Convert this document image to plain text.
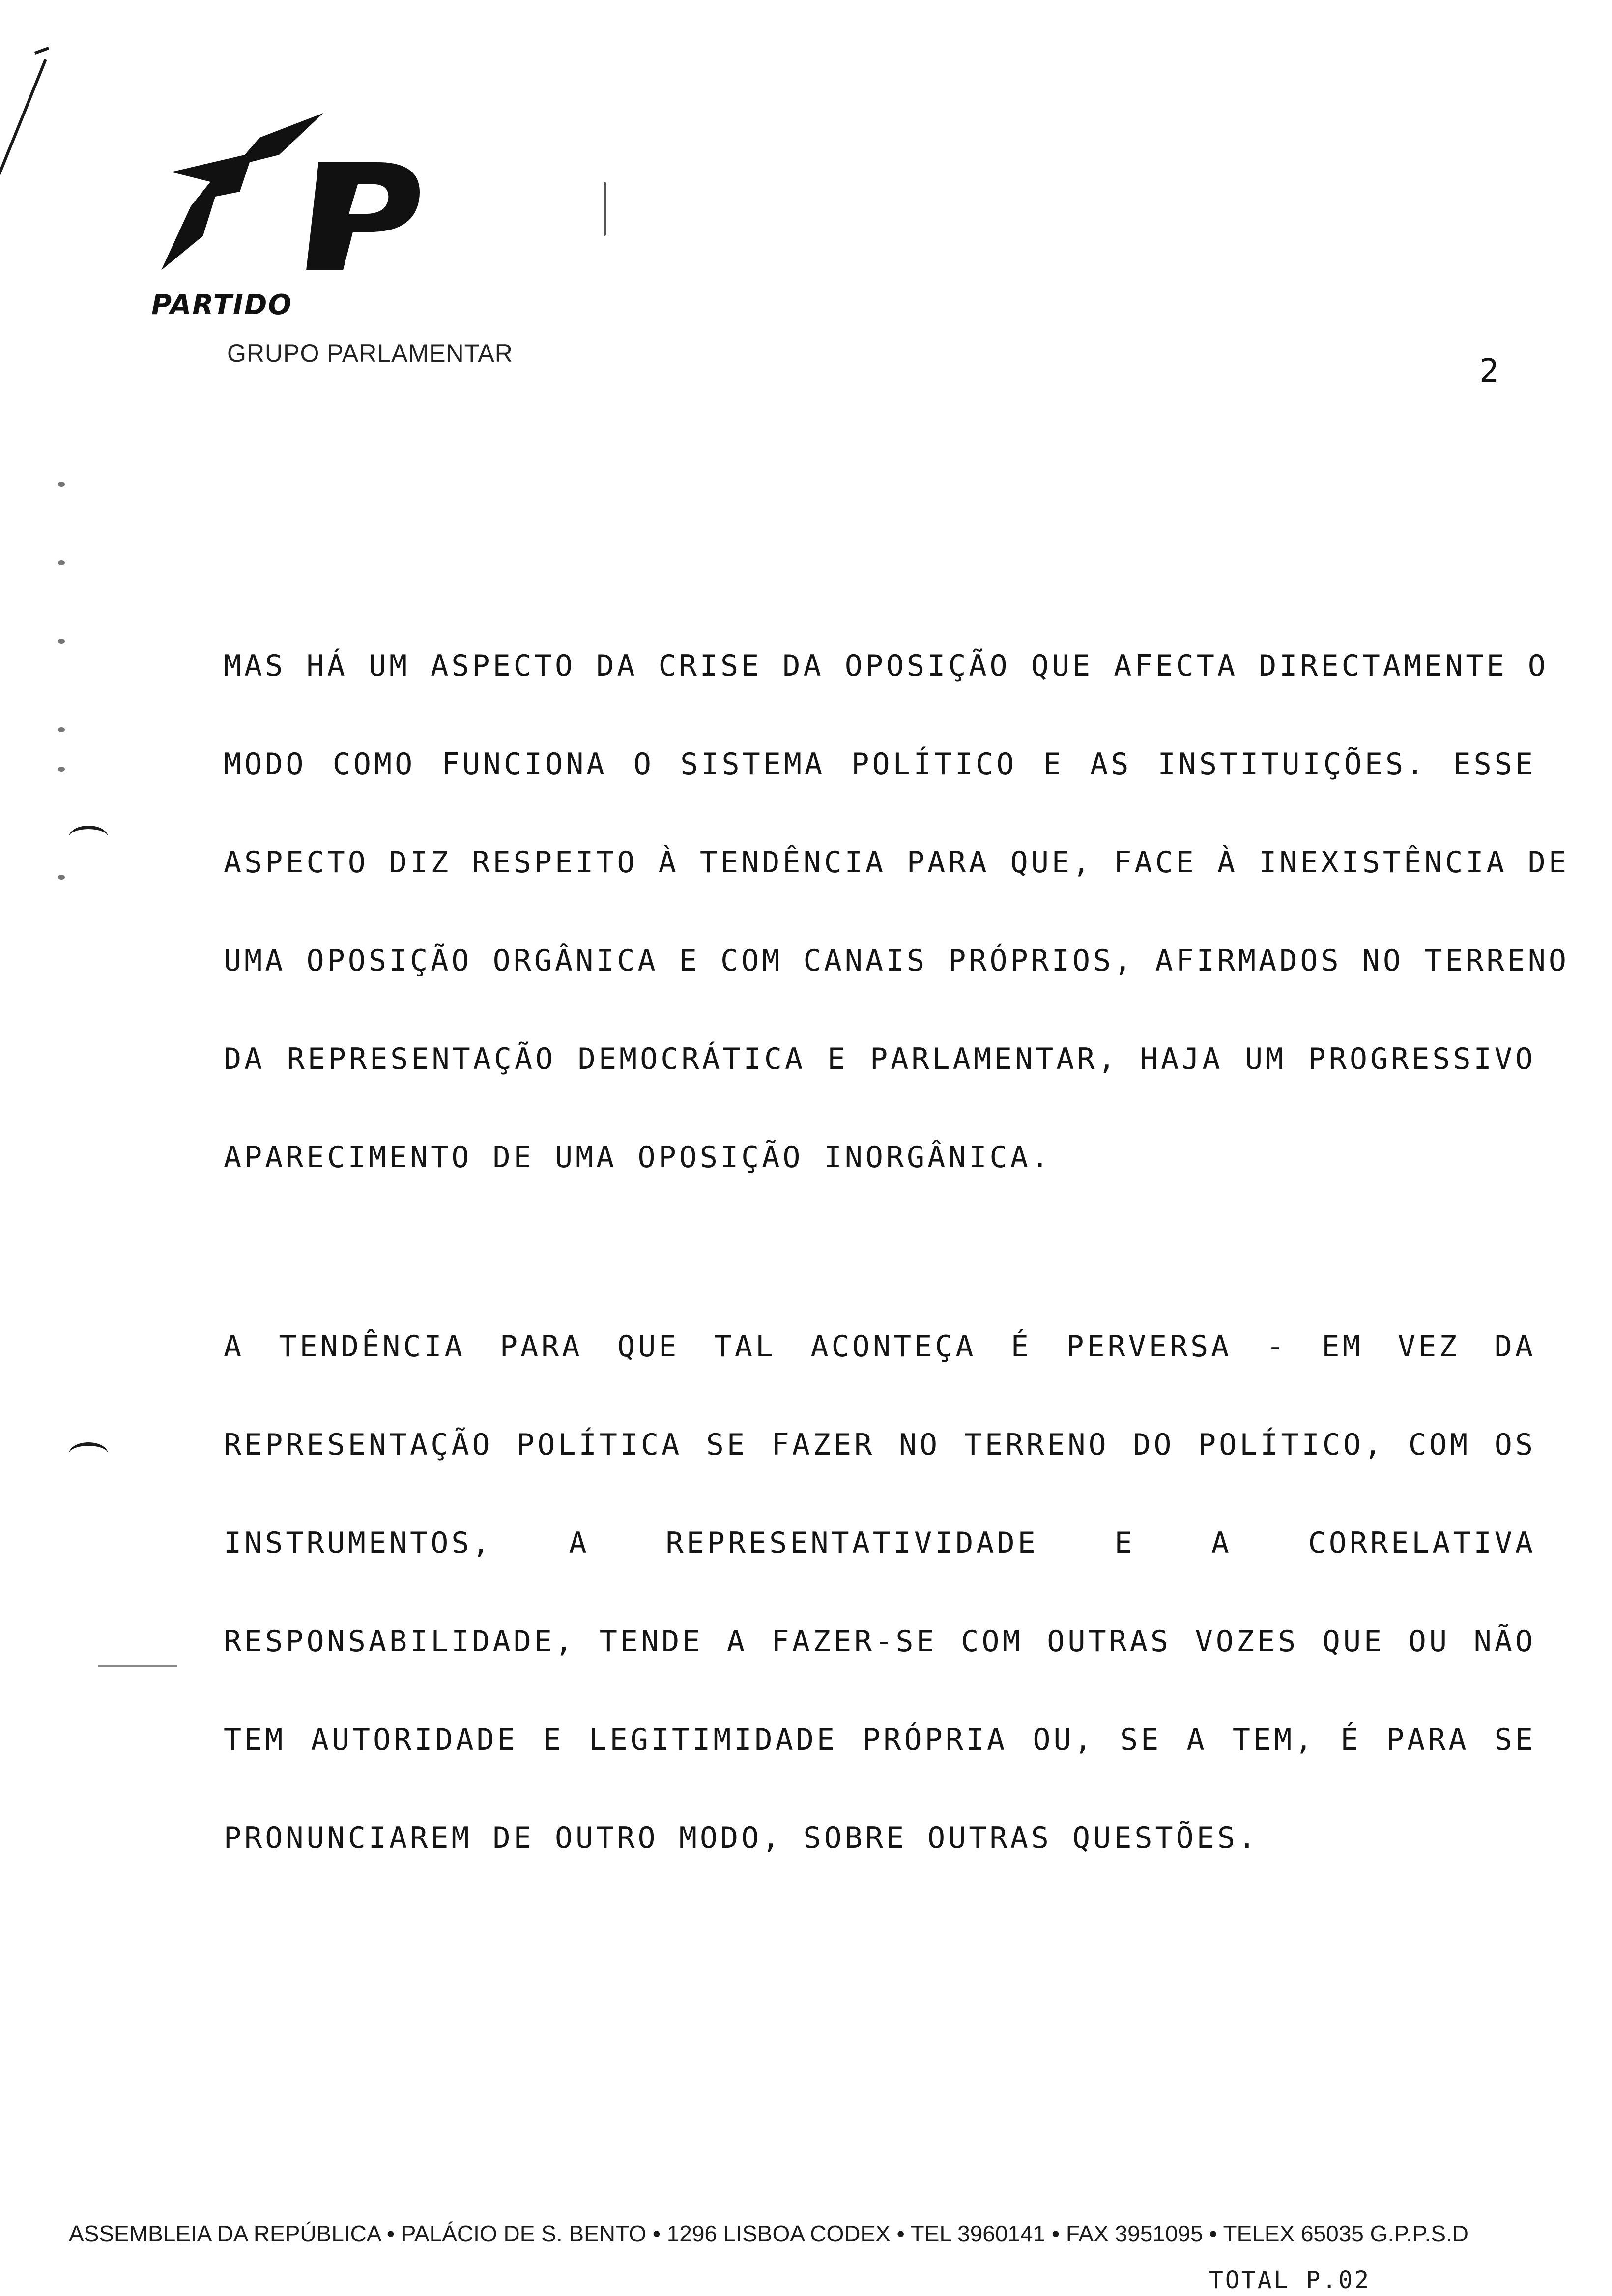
PARTIDO
GRUPO PARLAMENTAR	2
MAS HÁ UM ASPECTO DA CRISE DA OPOSIÇÃO QUE AFECTA DIRECTAMENTE O
MODO COMO FUNCIONA O SISTEMA POLÍTICO E AS INSTITUIÇÕES. ESSE
ASPECTO DIZ RESPEITO À TENDÊNCIA PARA QUE, FACE À INEXISTÊNCIA DE
UMA OPOSIÇÃO ORGÂNICA E COM CANAIS PRÓPRIOS, AFIRMADOS NO TERRENO
DA REPRESENTAÇÃO DEMOCRÁTICA E PARLAMENTAR, HAJA UM PROGRESSIVO
APARECIMENTO DE UMA OPOSIÇÃO INORGÂNICA.
A TENDÊNCIA PARA QUE TAL ACONTEÇA É PERVERSA - EM VEZ DA
REPRESENTAÇÃO POLÍTICA SE FAZER NO TERRENO DO POLÍTICO, COM OS
INSTRUMENTOS, A REPRESENTATIVIDADE E A CORRELATIVA
RESPONSABILIDADE, TENDE A FAZER-SE COM OUTRAS VOZES QUE OU NÃO
TEM AUTORIDADE E LEGITIMIDADE PRÓPRIA OU, SE A TEM, É PARA SE
PRONUNCIAREM DE OUTRO MODO, SOBRE OUTRAS QUESTÕES.
ASSEMBLEIA DA REPÚBLICA • PALÁCIO DE S. BENTO • 1296 LISBOA CODEX • TEL 3960141 • FAX 3951095 • TELEX 65035 G.P.P.S.D
TOTAL P.02
